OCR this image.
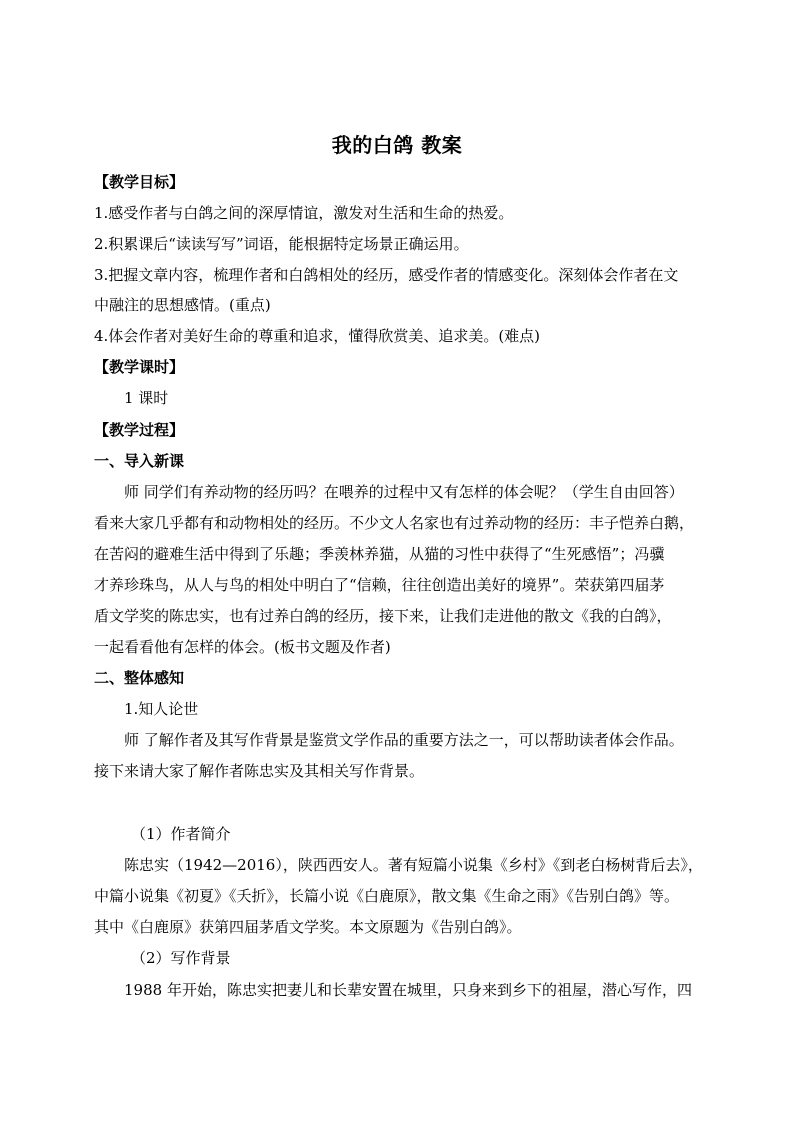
我的白鸽 教案
【教学目标】
1.感受作者与白鸽之间的深厚情谊，激发对生活和生命的热爱。
2.积累课后“读读写写”词语，能根据特定场景正确运用。
3.把握文章内容，梳理作者和白鸽相处的经历，感受作者的情感变化。深刻体会作者在文
中融注的思想感情。(重点)
4.体会作者对美好生命的尊重和追求，懂得欣赏美、追求美。(难点)
【教学课时】
1 课时
【教学过程】
一、导入新课
师 同学们有养动物的经历吗？在喂养的过程中又有怎样的体会呢？（学生自由回答）
看来大家几乎都有和动物相处的经历。不少文人名家也有过养动物的经历：丰子恺养白鹅，
在苦闷的避难生活中得到了乐趣；季羡林养猫，从猫的习性中获得了“生死感悟”；冯骥
才养珍珠鸟，从人与鸟的相处中明白了“信赖，往往创造出美好的境界”。荣获第四届茅
盾文学奖的陈忠实，也有过养白鸽的经历，接下来，让我们走进他的散文《我的白鸽》，
一起看看他有怎样的体会。(板书文题及作者)
二、整体感知
1.知人论世
师 了解作者及其写作背景是鉴赏文学作品的重要方法之一，可以帮助读者体会作品。
接下来请大家了解作者陈忠实及其相关写作背景。
（1）作者简介
陈忠实（1942—2016），陕西西安人。著有短篇小说集《乡村》《到老白杨树背后去》，
中篇小说集《初夏》《夭折》，长篇小说《白鹿原》，散文集《生命之雨》《告别白鸽》等。
其中《白鹿原》获第四届茅盾文学奖。本文原题为《告别白鸽》。
（2）写作背景
1988 年开始，陈忠实把妻儿和长辈安置在城里，只身来到乡下的祖屋，潜心写作，四
